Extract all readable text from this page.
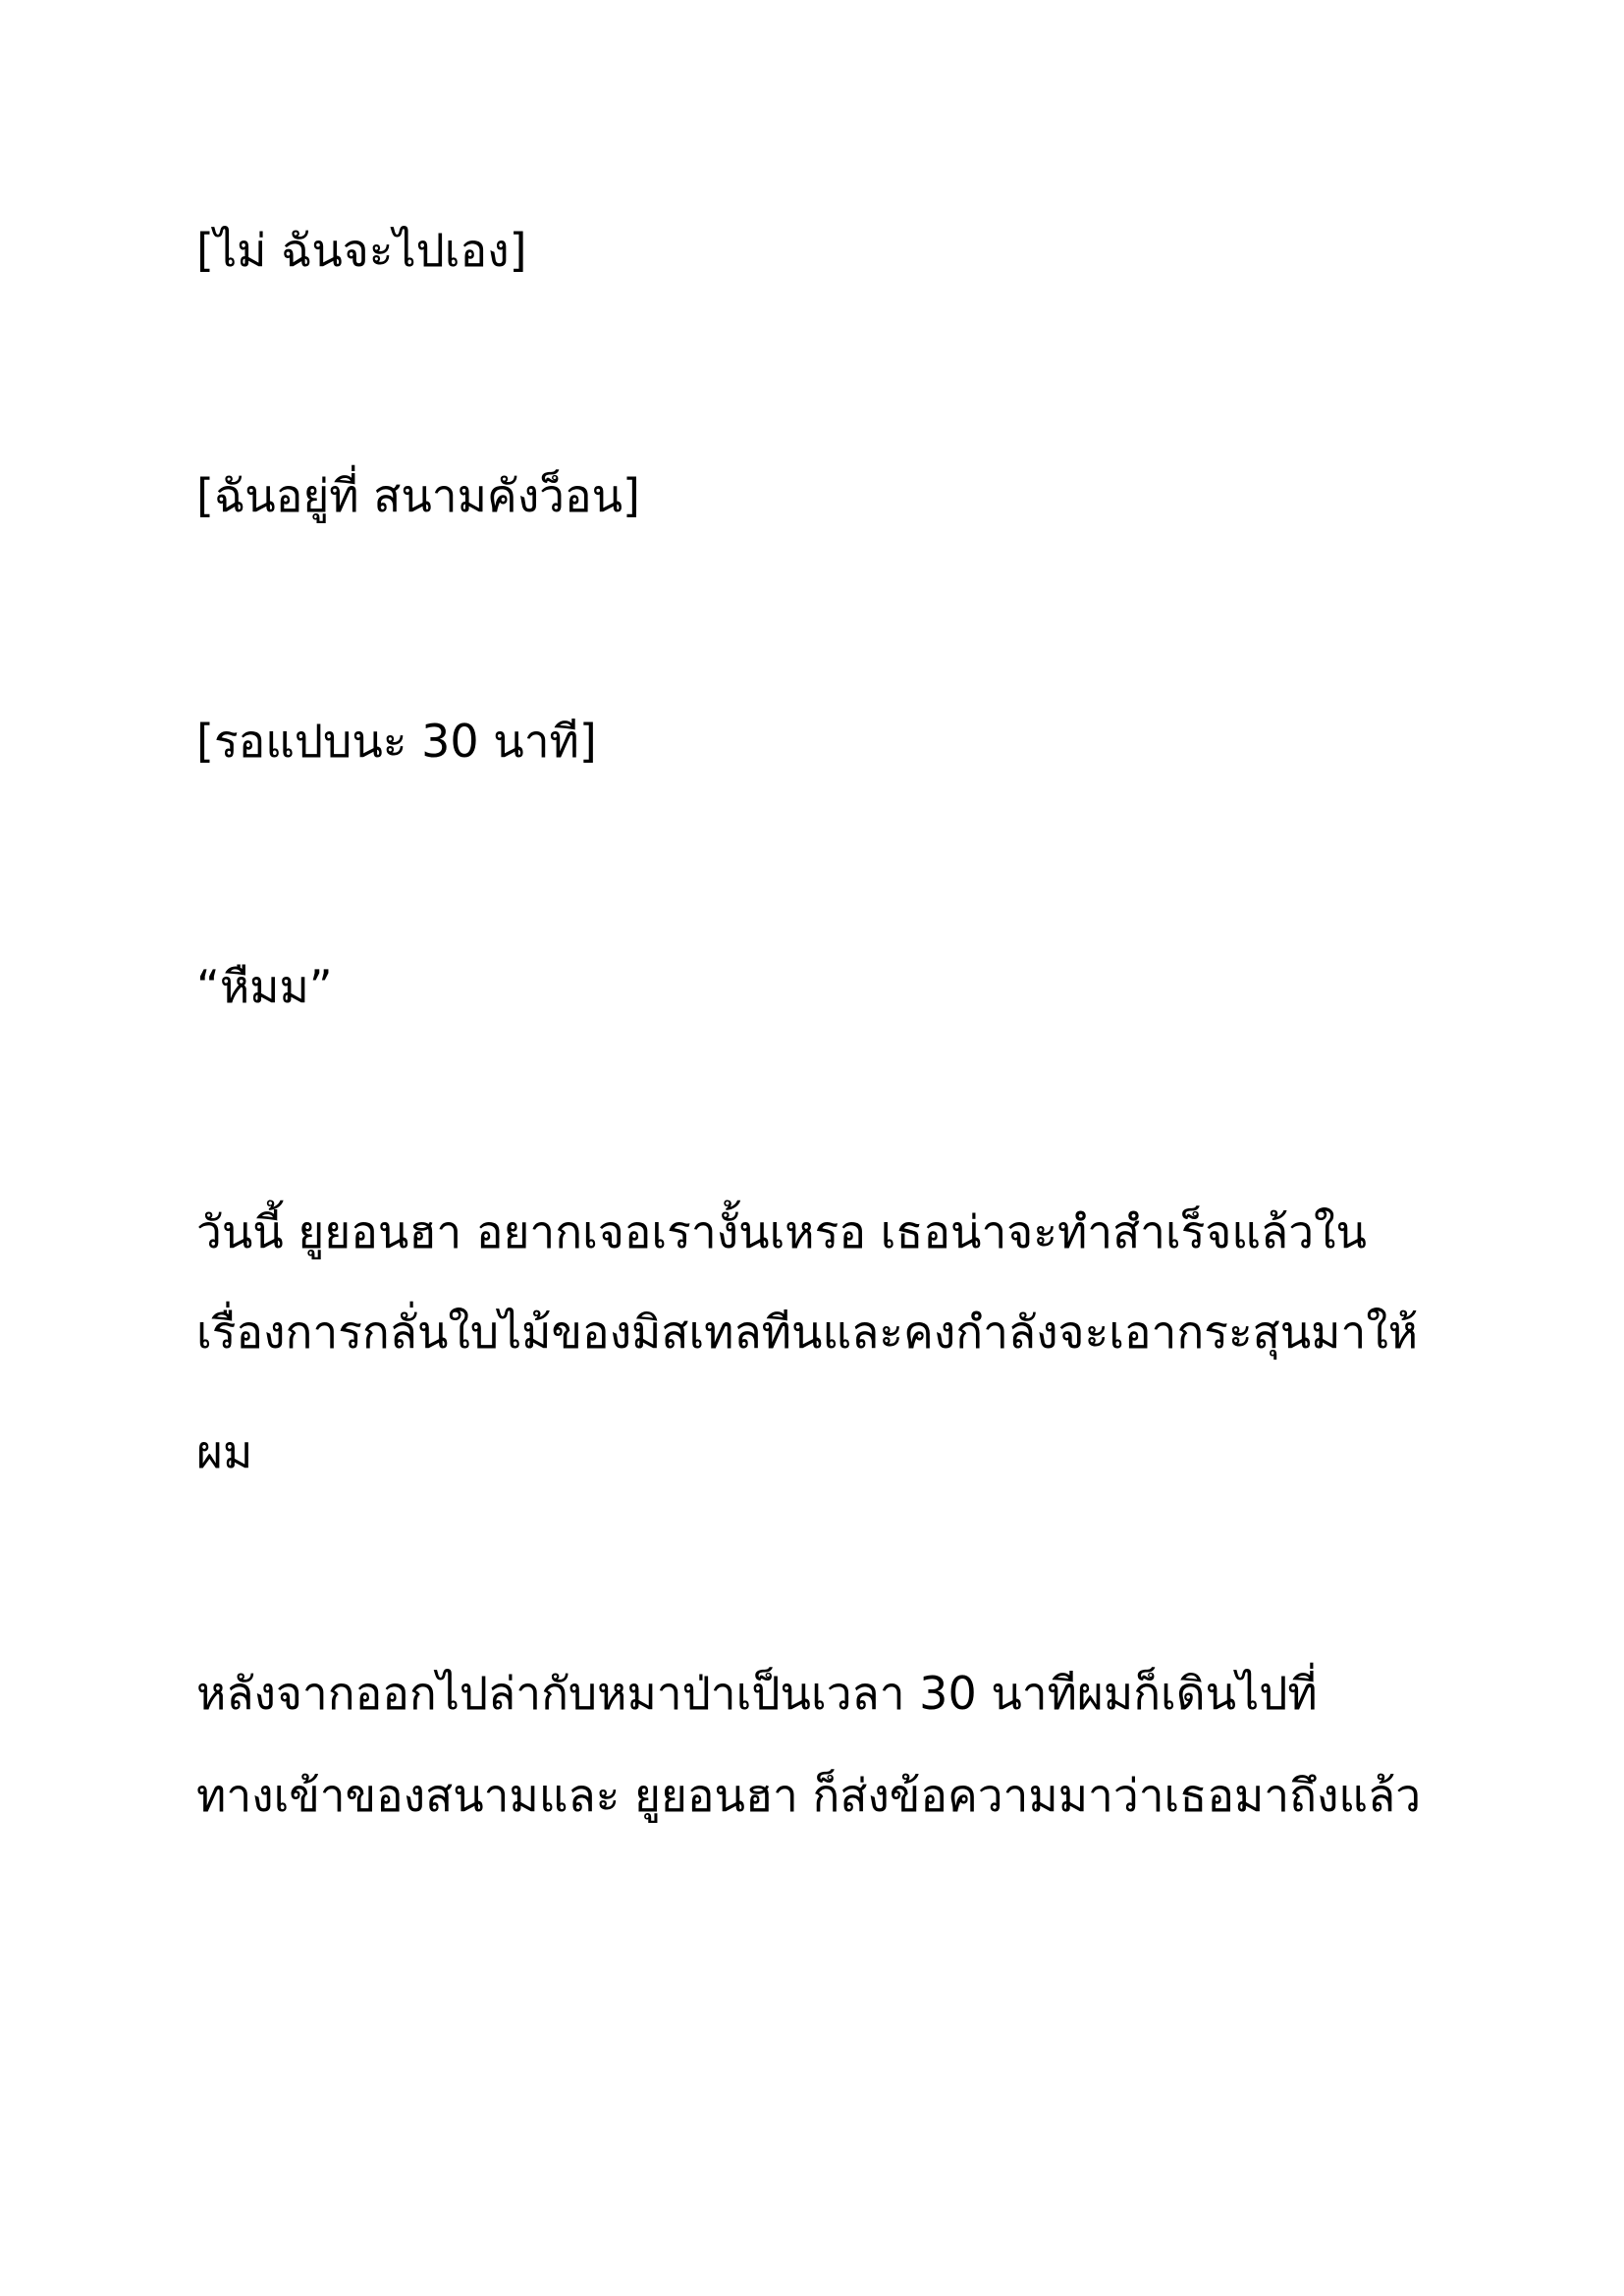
[ไม่ ฉันจะไปเอง]

[ฉันอยู่ที่ สนามคังว็อน]

[รอแปบนะ 30 นาที]

“หืมม”

วันนี้ ยูยอนฮา อยากเจอเรางั้นเหรอ เธอน่าจะทำสำเร็จแล้วใน

เรื่องการกลั่นใบไม้ของมิสเทลทีนและคงกำลังจะเอากระสุนมาให้

ผม

หลังจากออกไปล่ากับหมาป่าเป็นเวลา 30 นาทีผมก็เดินไปที่

ทางเข้าของสนามและ ยูยอนฮา ก็ส่งข้อความมาว่าเธอมาถึงแล้ว
